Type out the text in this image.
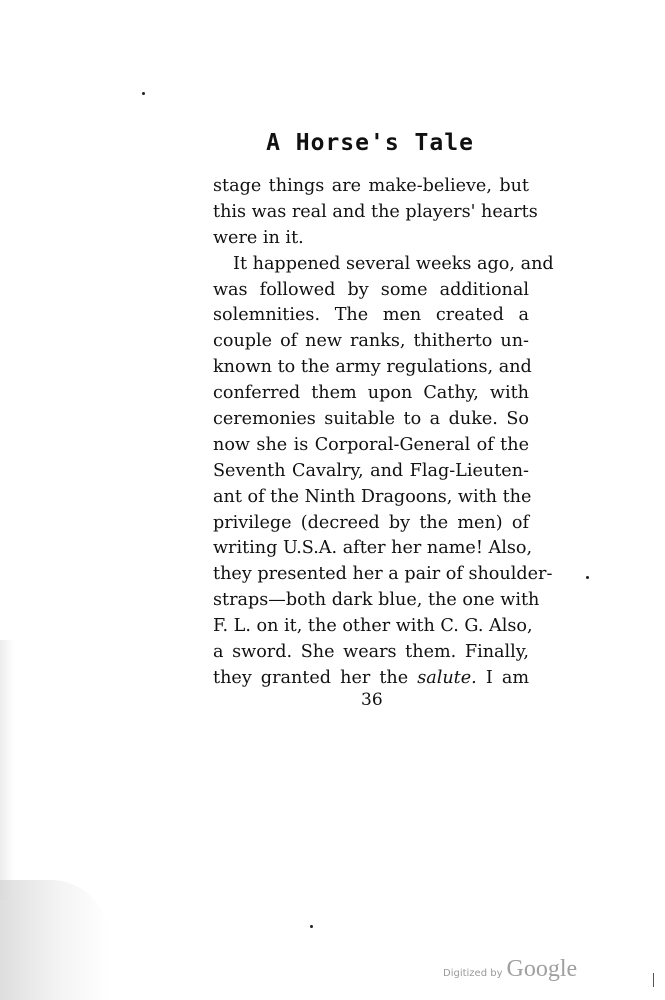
A Horse's Tale
stage things are make-believe, but
this was real and the players' hearts
were in it.
It happened several weeks ago, and
was followed by some additional
solemnities. The men created a
couple of new ranks, thitherto un-
known to the army regulations, and
conferred them upon Cathy, with
ceremonies suitable to a duke. So
now she is Corporal-General of the
Seventh Cavalry, and Flag-Lieuten-
ant of the Ninth Dragoons, with the
privilege (decreed by the men) of
writing U.S.A. after her name! Also,
they presented her a pair of shoulder-
straps—both dark blue, the one with
F. L. on it, the other with C. G. Also,
a sword. She wears them. Finally,
they granted her the salute. I am
36
Digitized by Google
